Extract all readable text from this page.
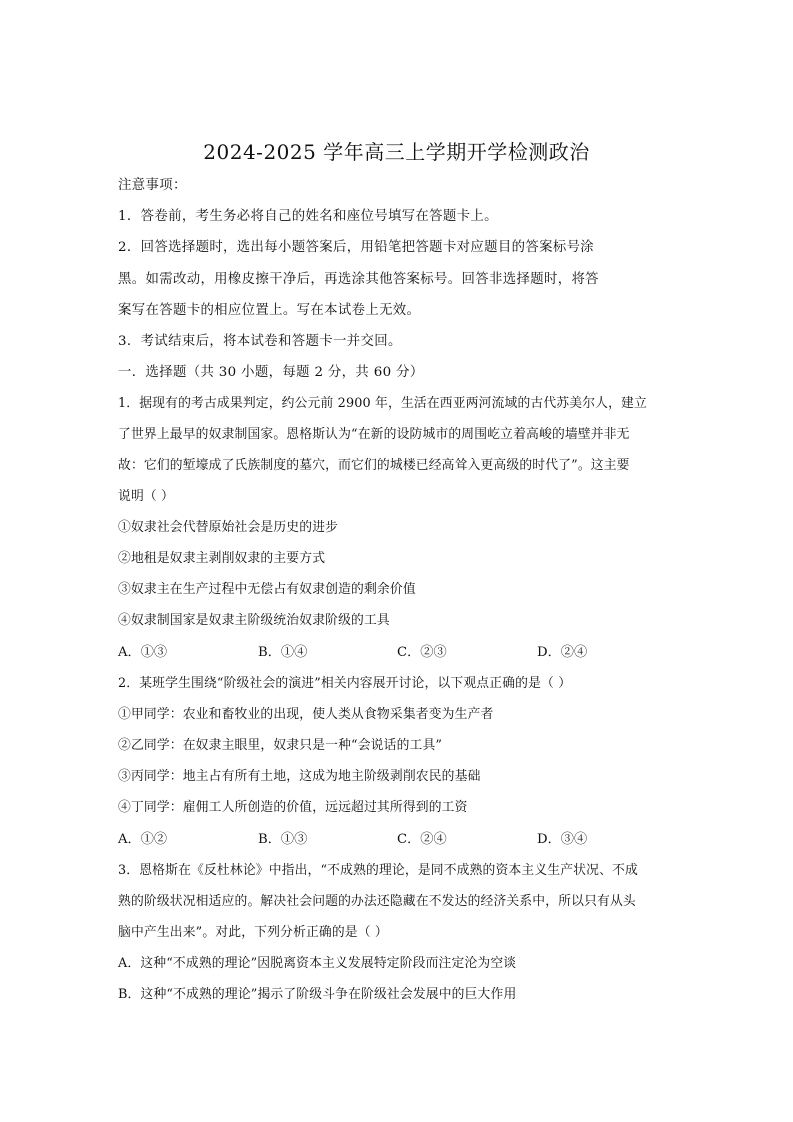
2024-2025 学年高三上学期开学检测政治
注意事项：
1．答卷前，考生务必将自己的姓名和座位号填写在答题卡上。
2．回答选择题时，选出每小题答案后，用铅笔把答题卡对应题目的答案标号涂
黑。如需改动，用橡皮擦干净后，再选涂其他答案标号。回答非选择题时，将答
案写在答题卡的相应位置上。写在本试卷上无效。
3．考试结束后，将本试卷和答题卡一并交回。
一．选择题（共 30 小题，每题 2 分，共 60 分）
1．据现有的考古成果判定，约公元前 2900 年，生活在西亚两河流域的古代苏美尔人，建立
了世界上最早的奴隶制国家。恩格斯认为“在新的设防城市的周围屹立着高峻的墙壁并非无
故：它们的堑壕成了氏族制度的墓穴，而它们的城楼已经高耸入更高级的时代了”。这主要
说明（ ）
①奴隶社会代替原始社会是历史的进步
②地租是奴隶主剥削奴隶的主要方式
③奴隶主在生产过程中无偿占有奴隶创造的剩余价值
④奴隶制国家是奴隶主阶级统治奴隶阶级的工具
A．①③	B．①④	C．②③	D．②④
2．某班学生围绕“阶级社会的演进”相关内容展开讨论，以下观点正确的是（ ）
①甲同学：农业和畜牧业的出现，使人类从食物采集者变为生产者
②乙同学：在奴隶主眼里，奴隶只是一种“会说话的工具”
③丙同学：地主占有所有土地，这成为地主阶级剥削农民的基础
④丁同学：雇佣工人所创造的价值，远远超过其所得到的工资
A．①②	B．①③	C．②④	D．③④
3．恩格斯在《反杜林论》中指出，“不成熟的理论，是同不成熟的资本主义生产状况、不成
熟的阶级状况相适应的。解决社会问题的办法还隐藏在不发达的经济关系中，所以只有从头
脑中产生出来”。对此，下列分析正确的是（ ）
A．这种“不成熟的理论”因脱离资本主义发展特定阶段而注定沦为空谈
B．这种“不成熟的理论”揭示了阶级斗争在阶级社会发展中的巨大作用
